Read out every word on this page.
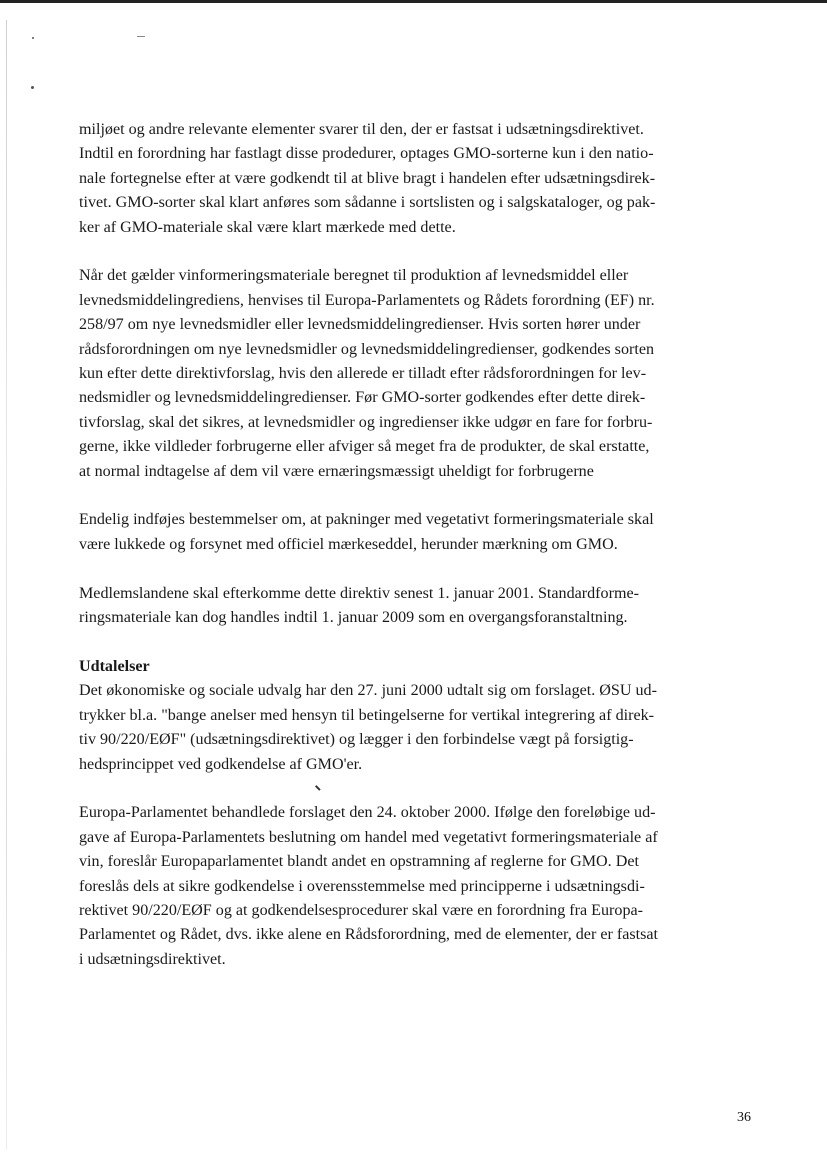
miljøet og andre relevante elementer svarer til den, der er fastsat i udsætningsdirektivet.
Indtil en forordning har fastlagt disse prodedurer, optages GMO-sorterne kun i den natio-
nale fortegnelse efter at være godkendt til at blive bragt i handelen efter udsætningsdirek-
tivet. GMO-sorter skal klart anføres som sådanne i sortslisten og i salgskataloger, og pak-
ker af GMO-materiale skal være klart mærkede med dette.

Når det gælder vinformeringsmateriale beregnet til produktion af levnedsmiddel eller
levnedsmiddelingrediens, henvises til Europa-Parlamentets og Rådets forordning (EF) nr.
258/97 om nye levnedsmidler eller levnedsmiddelingredienser. Hvis sorten hører under
rådsforordningen om nye levnedsmidler og levnedsmiddelingredienser, godkendes sorten
kun efter dette direktivforslag, hvis den allerede er tilladt efter rådsforordningen for lev-
nedsmidler og levnedsmiddelingredienser. Før GMO-sorter godkendes efter dette direk-
tivforslag, skal det sikres, at levnedsmidler og ingredienser ikke udgør en fare for forbru-
gerne, ikke vildleder forbrugerne eller afviger så meget fra de produkter, de skal erstatte,
at normal indtagelse af dem vil være ernæringsmæssigt uheldigt for forbrugerne

Endelig indføjes bestemmelser om, at pakninger med vegetativt formeringsmateriale skal
være lukkede og forsynet med officiel mærkeseddel, herunder mærkning om GMO.

Medlemslandene skal efterkomme dette direktiv senest 1. januar 2001. Standardforme-
ringsmateriale kan dog handles indtil 1. januar 2009 som en overgangsforanstaltning.

Udtalelser

Det økonomiske og sociale udvalg har den 27. juni 2000 udtalt sig om forslaget. ØSU ud-
trykker bl.a. "bange anelser med hensyn til betingelserne for vertikal integrering af direk-
tiv 90/220/EØF" (udsætningsdirektivet) og lægger i den forbindelse vægt på forsigtig-
hedsprincippet ved godkendelse af GMO'er.

Europa-Parlamentet behandlede forslaget den 24. oktober 2000. Ifølge den foreløbige ud-
gave af Europa-Parlamentets beslutning om handel med vegetativt formeringsmateriale af
vin, foreslår Europaparlamentet blandt andet en opstramning af reglerne for GMO. Det
foreslås dels at sikre godkendelse i overensstemmelse med principperne i udsætningsdi-
rektivet 90/220/EØF og at godkendelsesprocedurer skal være en forordning fra Europa-
Parlamentet og Rådet, dvs. ikke alene en Rådsforordning, med de elementer, der er fastsat
i udsætningsdirektivet.

36
